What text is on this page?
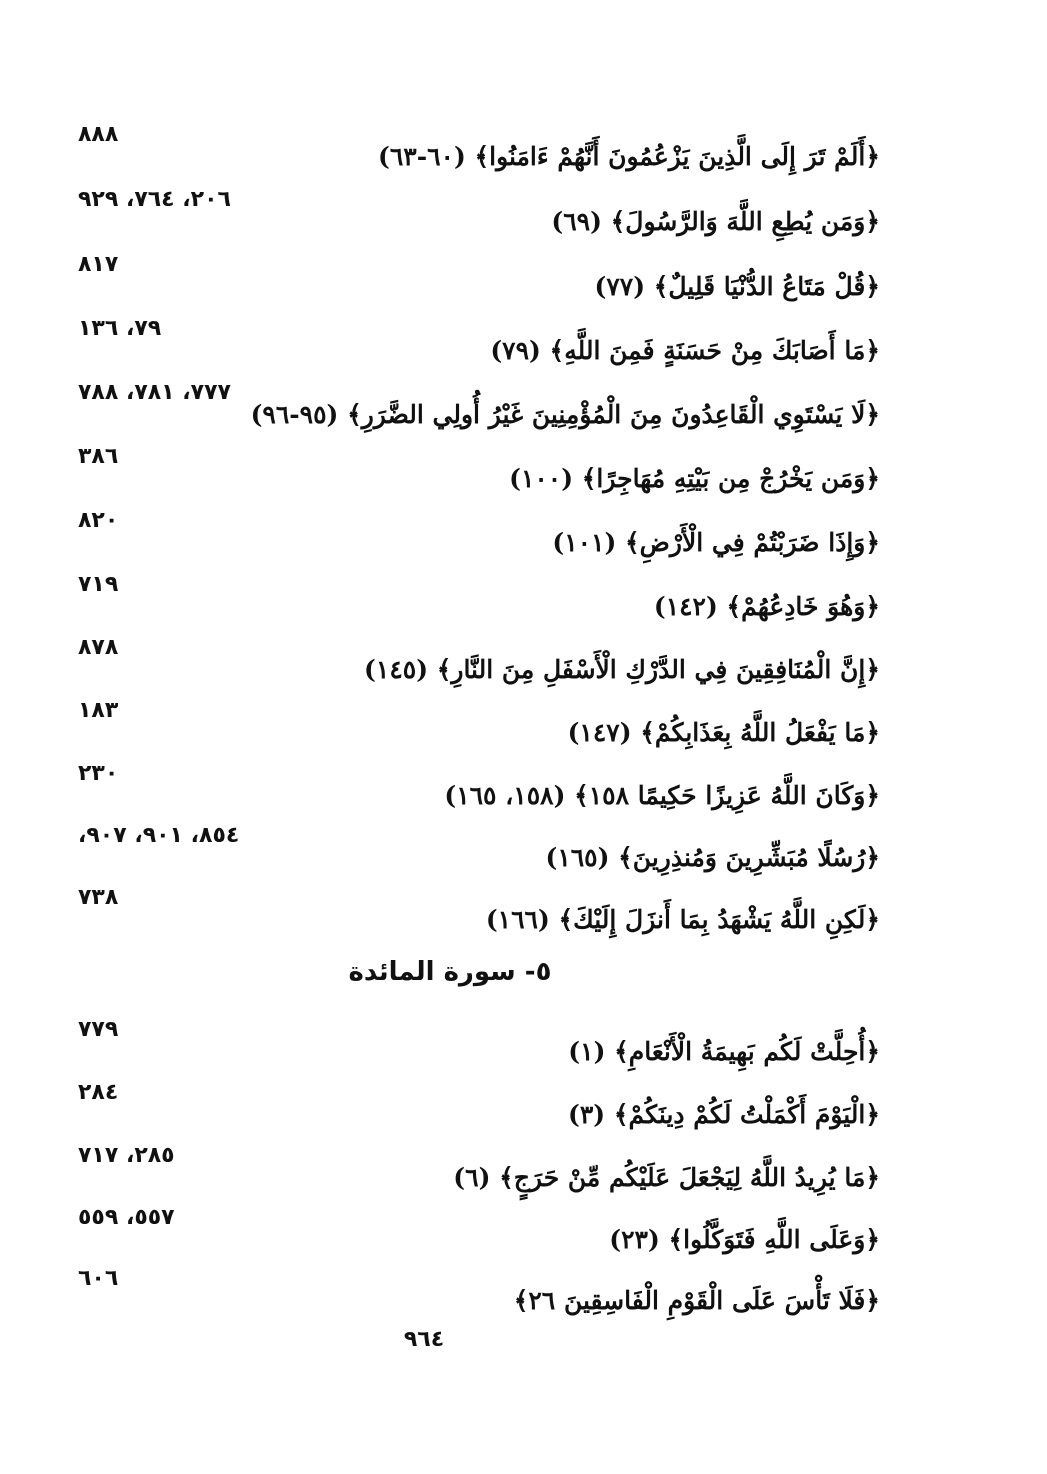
﴿أَلَمْ تَرَ إِلَى الَّذِينَ يَزْعُمُونَ أَنَّهُمْ ءَامَنُوا﴾ (٦٠-٦٣)
٨٨٨
﴿وَمَن يُطِعِ اللَّهَ وَالرَّسُولَ﴾ (٦٩)
٢٠٦، ٧٦٤، ٩٢٩
﴿قُلْ مَتَاعُ الدُّنْيَا قَلِيلٌ﴾ (٧٧)
٨١٧
﴿مَا أَصَابَكَ مِنْ حَسَنَةٍ فَمِنَ اللَّهِ﴾ (٧٩)
٧٩، ١٣٦
﴿لَا يَسْتَوِي الْقَاعِدُونَ مِنَ الْمُؤْمِنِينَ غَيْرُ أُولِي الضَّرَرِ﴾ (٩٥-٩٦)
٧٧٧، ٧٨١، ٧٨٨
﴿وَمَن يَخْرُجْ مِن بَيْتِهِ مُهَاجِرًا﴾ (١٠٠)
٣٨٦
﴿وَإِذَا ضَرَبْتُمْ فِي الْأَرْضِ﴾ (١٠١)
٨٢٠
﴿وَهُوَ خَادِعُهُمْ﴾ (١٤٢)
٧١٩
﴿إِنَّ الْمُنَافِقِينَ فِي الدَّرْكِ الْأَسْفَلِ مِنَ النَّارِ﴾ (١٤٥)
٨٧٨
﴿مَا يَفْعَلُ اللَّهُ بِعَذَابِكُمْ﴾ (١٤٧)
١٨٣
﴿وَكَانَ اللَّهُ عَزِيزًا حَكِيمًا ١٥٨﴾ (١٥٨، ١٦٥)
٢٣٠
﴿رُسُلًا مُبَشِّرِينَ وَمُنذِرِينَ﴾ (١٦٥)
٨٥٤، ٩٠١، ٩٠٧،
﴿لَكِنِ اللَّهُ يَشْهَدُ بِمَا أَنزَلَ إِلَيْكَ﴾ (١٦٦)
٧٣٨
٥- سورة المائدة
﴿أُحِلَّتْ لَكُم بَهِيمَةُ الْأَنْعَامِ﴾ (١)
٧٧٩
﴿الْيَوْمَ أَكْمَلْتُ لَكُمْ دِينَكُمْ﴾ (٣)
٢٨٤
﴿مَا يُرِيدُ اللَّهُ لِيَجْعَلَ عَلَيْكُم مِّنْ حَرَجٍ﴾ (٦)
٢٨٥، ٧١٧
﴿وَعَلَى اللَّهِ فَتَوَكَّلُوا﴾ (٢٣)
٥٥٧، ٥٥٩
﴿فَلَا تَأْسَ عَلَى الْقَوْمِ الْفَاسِقِينَ ٢٦﴾
٦٠٦
٩٦٤
